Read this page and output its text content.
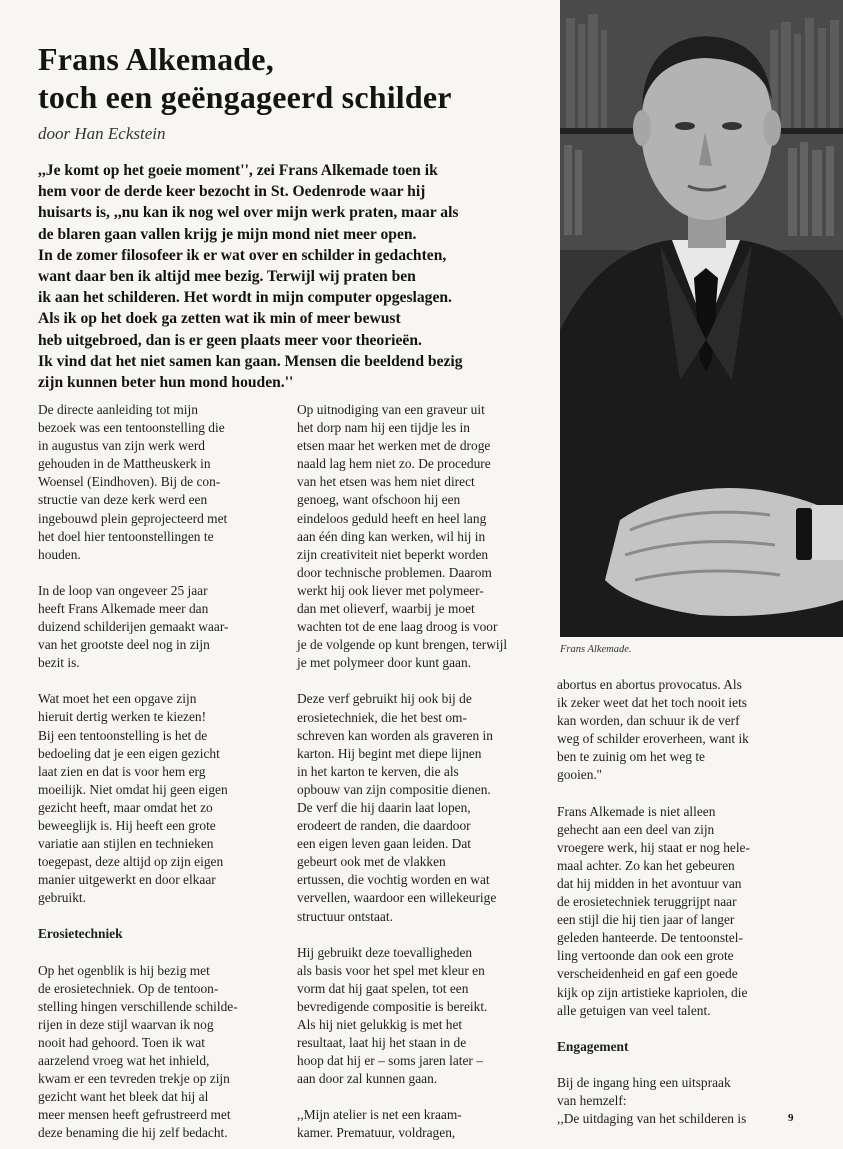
Frans Alkemade,
toch een geëngageerd schilder

door Han Eckstein

,,Je komt op het goeie moment'', zei Frans Alkemade toen ik
hem voor de derde keer bezocht in St. Oedenrode waar hij
huisarts is, ,,nu kan ik nog wel over mijn werk praten, maar als
de blaren gaan vallen krijg je mijn mond niet meer open.
In de zomer filosofeer ik er wat over en schilder in gedachten,
want daar ben ik altijd mee bezig. Terwijl wij praten ben
ik aan het schilderen. Het wordt in mijn computer opgeslagen.
Als ik op het doek ga zetten wat ik min of meer bewust
heb uitgebroed, dan is er geen plaats meer voor theorieën.
Ik vind dat het niet samen kan gaan. Mensen die beeldend bezig
zijn kunnen beter hun mond houden.''

De directe aanleiding tot mijn

bezoek was een tentoonstelling die

in augustus van zijn werk werd

gehouden in de Mattheuskerk in

Woensel (Eindhoven). Bij de con-

structie van deze kerk werd een

ingebouwd plein geprojecteerd met

het doel hier tentoonstellingen te

houden.

In de loop van ongeveer 25 jaar

heeft Frans Alkemade meer dan

duizend schilderijen gemaakt waar-

van het grootste deel nog in zijn

bezit is.

Wat moet het een opgave zijn

hieruit dertig werken te kiezen!

Bij een tentoonstelling is het de

bedoeling dat je een eigen gezicht

laat zien en dat is voor hem erg

moeilijk. Niet omdat hij geen eigen

gezicht heeft, maar omdat het zo

beweeglijk is. Hij heeft een grote

variatie aan stijlen en technieken

toegepast, deze altijd op zijn eigen

manier uitgewerkt en door elkaar

gebruikt.

Erosietechniek

Op het ogenblik is hij bezig met

de erosietechniek. Op de tentoon-

stelling hingen verschillende schilde-

rijen in deze stijl waarvan ik nog

nooit had gehoord. Toen ik wat

aarzelend vroeg wat het inhield,

kwam er een tevreden trekje op zijn

gezicht want het bleek dat hij al

meer mensen heeft gefrustreerd met

deze benaming die hij zelf bedacht.

Op uitnodiging van een graveur uit

het dorp nam hij een tijdje les in

etsen maar het werken met de droge

naald lag hem niet zo. De procedure

van het etsen was hem niet direct

genoeg, want ofschoon hij een

eindeloos geduld heeft en heel lang

aan één ding kan werken, wil hij in

zijn creativiteit niet beperkt worden

door technische problemen. Daarom

werkt hij ook liever met polymeer-

dan met olieverf, waarbij je moet

wachten tot de ene laag droog is voor

je de volgende op kunt brengen, terwijl

je met polymeer door kunt gaan.

Deze verf gebruikt hij ook bij de

erosietechniek, die het best om-

schreven kan worden als graveren in

karton. Hij begint met diepe lijnen

in het karton te kerven, die als

opbouw van zijn compositie dienen.

De verf die hij daarin laat lopen,

erodeert de randen, die daardoor

een eigen leven gaan leiden. Dat

gebeurt ook met de vlakken

ertussen, die vochtig worden en wat

vervellen, waardoor een willekeurige

structuur ontstaat.

Hij gebruikt deze toevalligheden

als basis voor het spel met kleur en

vorm dat hij gaat spelen, tot een

bevredigende compositie is bereikt.

Als hij niet gelukkig is met het

resultaat, laat hij het staan in de

hoop dat hij er – soms jaren later –

aan door zal kunnen gaan.

,,Mijn atelier is net een kraam-

kamer. Prematuur, voldragen,

Frans Alkemade.

abortus en abortus provocatus. Als

ik zeker weet dat het toch nooit iets

kan worden, dan schuur ik de verf

weg of schilder eroverheen, want ik

ben te zuinig om het weg te

gooien.''

Frans Alkemade is niet alleen

gehecht aan een deel van zijn

vroegere werk, hij staat er nog hele-

maal achter. Zo kan het gebeuren

dat hij midden in het avontuur van

de erosietechniek teruggrijpt naar

een stijl die hij tien jaar of langer

geleden hanteerde. De tentoonstel-

ling vertoonde dan ook een grote

verscheidenheid en gaf een goede

kijk op zijn artistieke kapriolen, die

alle getuigen van veel talent.

Engagement

Bij de ingang hing een uitspraak

van hemzelf:

,,De uitdaging van het schilderen is	9
